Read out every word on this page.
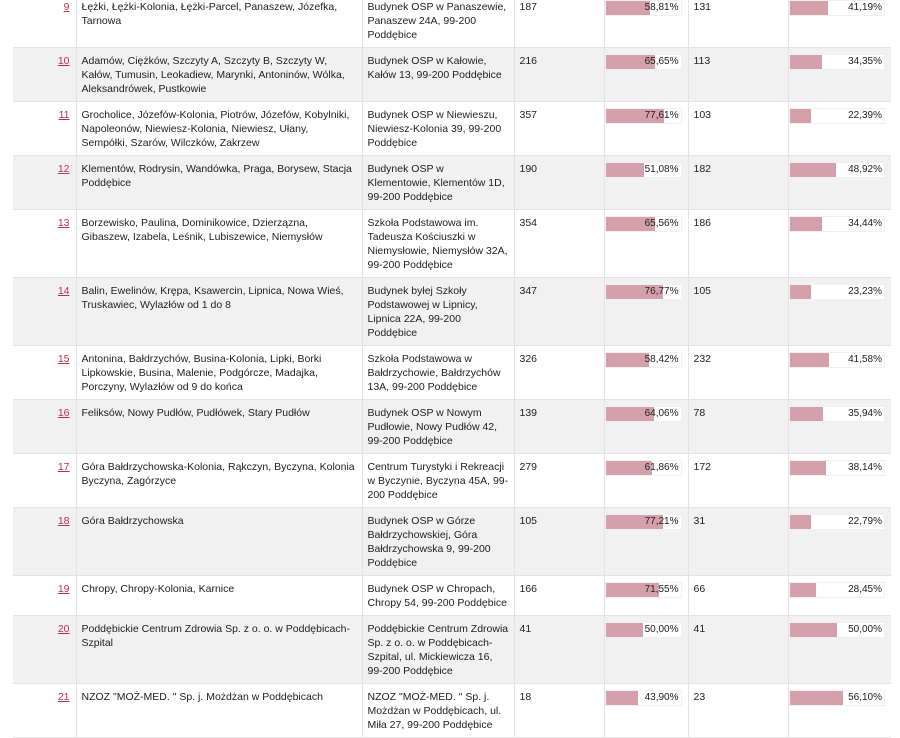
9	Łężki, Łężki-Kolonia, Łężki-Parcel, Panaszew, Józefka, Tarnowa	Budynek OSP w Panaszewie, Panaszew 24A, 99-200 Poddębice	187	58,81%	131	41,19%

10	Adamów, Ciężków, Szczyty A, Szczyty B, Szczyty W, Kałów, Tumusin, Leokadiew, Marynki, Antoninów, Wólka, Aleksandrówek, Pustkowie	Budynek OSP w Kałowie, Kałów 13, 99-200 Poddębice	216	65,65%	113	34,35%

11	Grocholice, Józefów-Kolonia, Piotrów, Józefów, Kobylniki, Napoleonów, Niewiesz-Kolonia, Niewiesz, Ułany, Sempółki, Szarów, Wilczków, Zakrzew	Budynek OSP w Niewieszu, Niewiesz-Kolonia 39, 99-200 Poddębice	357	77,61%	103	22,39%

12	Klementów, Rodrysin, Wandówka, Praga, Borysew, Stacja Poddębice	Budynek OSP w Klementowie, Klementów 1D, 99-200 Poddębice	190	51,08%	182	48,92%

13	Borzewisko, Paulina, Dominikowice, Dzierzązna, Gibaszew, Izabela, Leśnik, Lubiszewice, Niemysłów	Szkoła Podstawowa im. Tadeusza Kościuszki w Niemysłowie, Niemysłów 32A, 99-200 Poddębice	354	65,56%	186	34,44%

14	Balin, Ewelinów, Krępa, Ksawercin, Lipnica, Nowa Wieś, Truskawiec, Wylazłów od 1 do 8	Budynek byłej Szkoły Podstawowej w Lipnicy, Lipnica 22A, 99-200 Poddębice	347	76,77%	105	23,23%

15	Antonina, Bałdrzychów, Busina-Kolonia, Lipki, Borki Lipkowskie, Busina, Malenie, Podgórcze, Madajka, Porczyny, Wylazłów od 9 do końca	Szkoła Podstawowa w Bałdrzychowie, Bałdrzychów 13A, 99-200 Poddębice	326	58,42%	232	41,58%

16	Feliksów, Nowy Pudłów, Pudłówek, Stary Pudłów	Budynek OSP w Nowym Pudłowie, Nowy Pudłów 42, 99-200 Poddębice	139	64,06%	78	35,94%

17	Góra Bałdrzychowska-Kolonia, Rąkczyn, Byczyna, Kolonia Byczyna, Zagórzyce	Centrum Turystyki i Rekreacji w Byczynie, Byczyna 45A, 99-200 Poddębice	279	61,86%	172	38,14%

18	Góra Bałdrzychowska	Budynek OSP w Górze Bałdrzychowskiej, Góra Bałdrzychowska 9, 99-200 Poddębice	105	77,21%	31	22,79%

19	Chropy, Chropy-Kolonia, Karnice	Budynek OSP w Chropach, Chropy 54, 99-200 Poddębice	166	71,55%	66	28,45%

20	Poddębickie Centrum Zdrowia Sp. z o. o. w Poddębicach-Szpital	Poddębickie Centrum Zdrowia Sp. z o. o. w Poddębicach-Szpital, ul. Mickiewicza 16, 99-200 Poddębice	41	50,00%	41	50,00%

21	NZOZ "MOŻ-MED. " Sp. j. Możdżan w Poddębicach	NZOZ "MOŻ-MED. " Sp. j. Możdżan w Poddębicach, ul. Miła 27, 99-200 Poddębice	18	43,90%	23	56,10%
